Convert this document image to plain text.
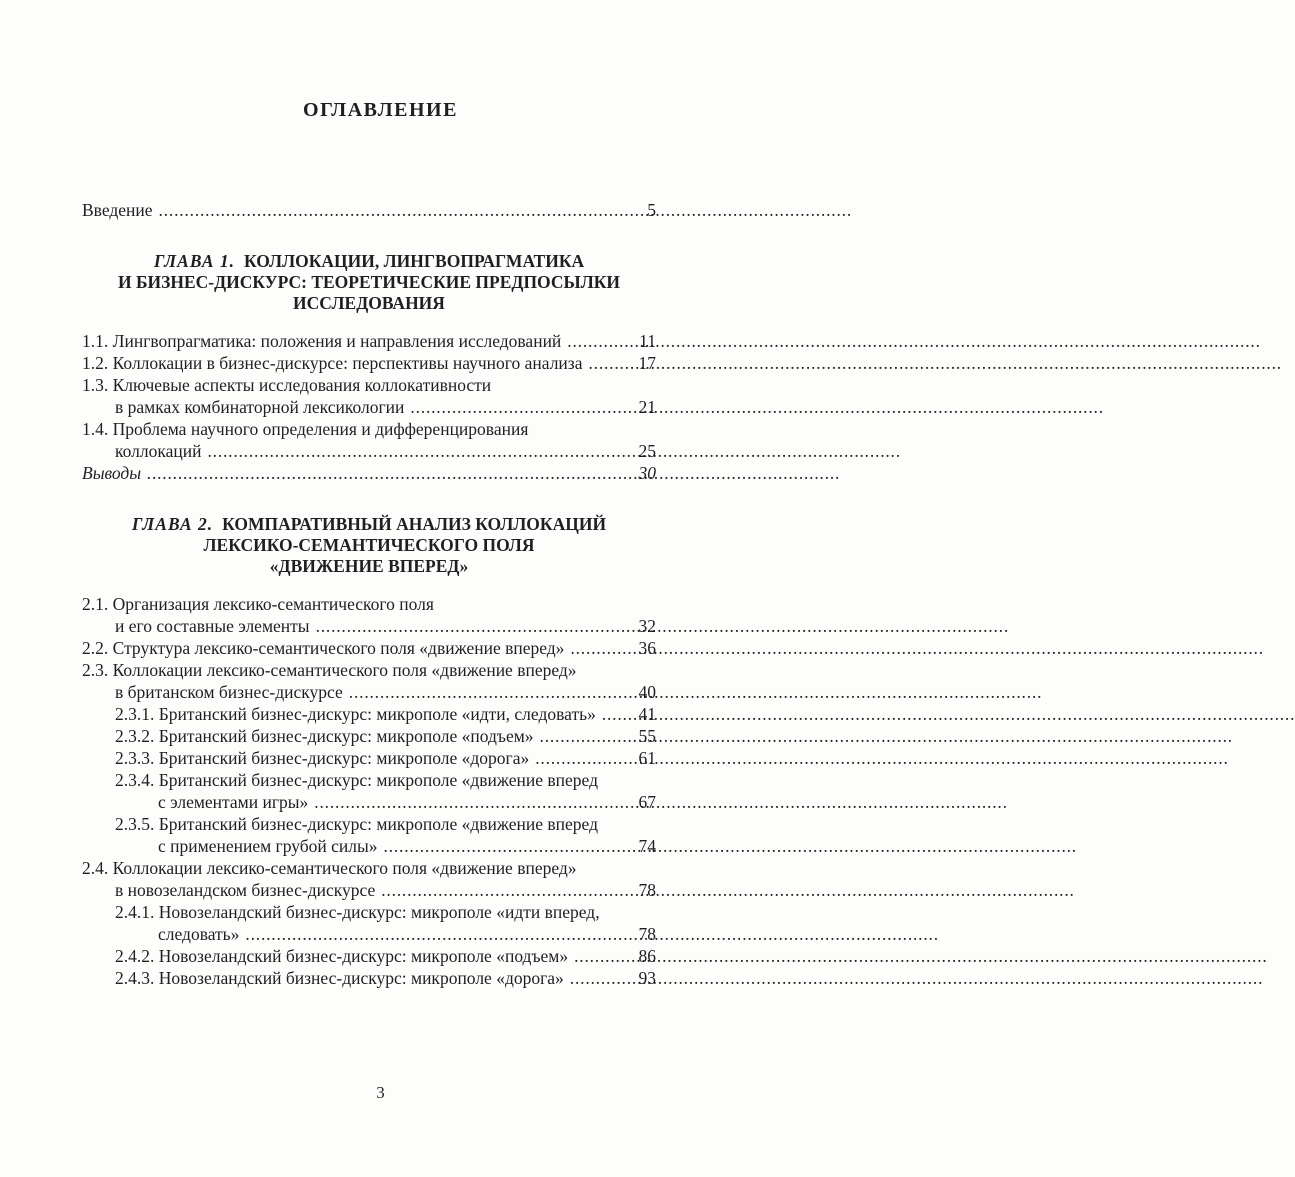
ОГЛАВЛЕНИЕ
Введение .....	5
ГЛАВА 1. КОЛЛОКАЦИИ, ЛИНГВОПРАГМАТИКА
И БИЗНЕС-ДИСКУРС: ТЕОРЕТИЧЕСКИЕ ПРЕДПОСЫЛКИ
ИССЛЕДОВАНИЯ
1.1. Лингвопрагматика: положения и направления исследований .....	11
1.2. Коллокации в бизнес-дискурсе: перспективы научного анализа .....	17
1.3. Ключевые аспекты исследования коллокативности
в рамках комбинаторной лексикологии .....	21
1.4. Проблема научного определения и дифференцирования
коллокаций .....	25
Выводы .....	30
ГЛАВА 2. КОМПАРАТИВНЫЙ АНАЛИЗ КОЛЛОКАЦИЙ
ЛЕКСИКО-СЕМАНТИЧЕСКОГО ПОЛЯ
«ДВИЖЕНИЕ ВПЕРЕД»
2.1. Организация лексико-семантического поля
и его составные элементы .....	32
2.2. Структура лексико-семантического поля «движение вперед» .....	36
2.3. Коллокации лексико-семантического поля «движение вперед»
в британском бизнес-дискурсе .....	40
2.3.1. Британский бизнес-дискурс: микрополе «идти, следовать» ..... 41
2.3.2. Британский бизнес-дискурс: микрополе «подъем» .....	55
2.3.3. Британский бизнес-дискурс: микрополе «дорога» .....	61
2.3.4. Британский бизнес-дискурс: микрополе «движение вперед
с элементами игры» .....	67
2.3.5. Британский бизнес-дискурс: микрополе «движение вперед
с применением грубой силы» .....	74
2.4. Коллокации лексико-семантического поля «движение вперед»
в новозеландском бизнес-дискурсе .....	78
2.4.1. Новозеландский бизнес-дискурс: микрополе «идти вперед,
следовать» .....	78
2.4.2. Новозеландский бизнес-дискурс: микрополе «подъем» .....	86
2.4.3. Новозеландский бизнес-дискурс: микрополе «дорога» .....	93
3
